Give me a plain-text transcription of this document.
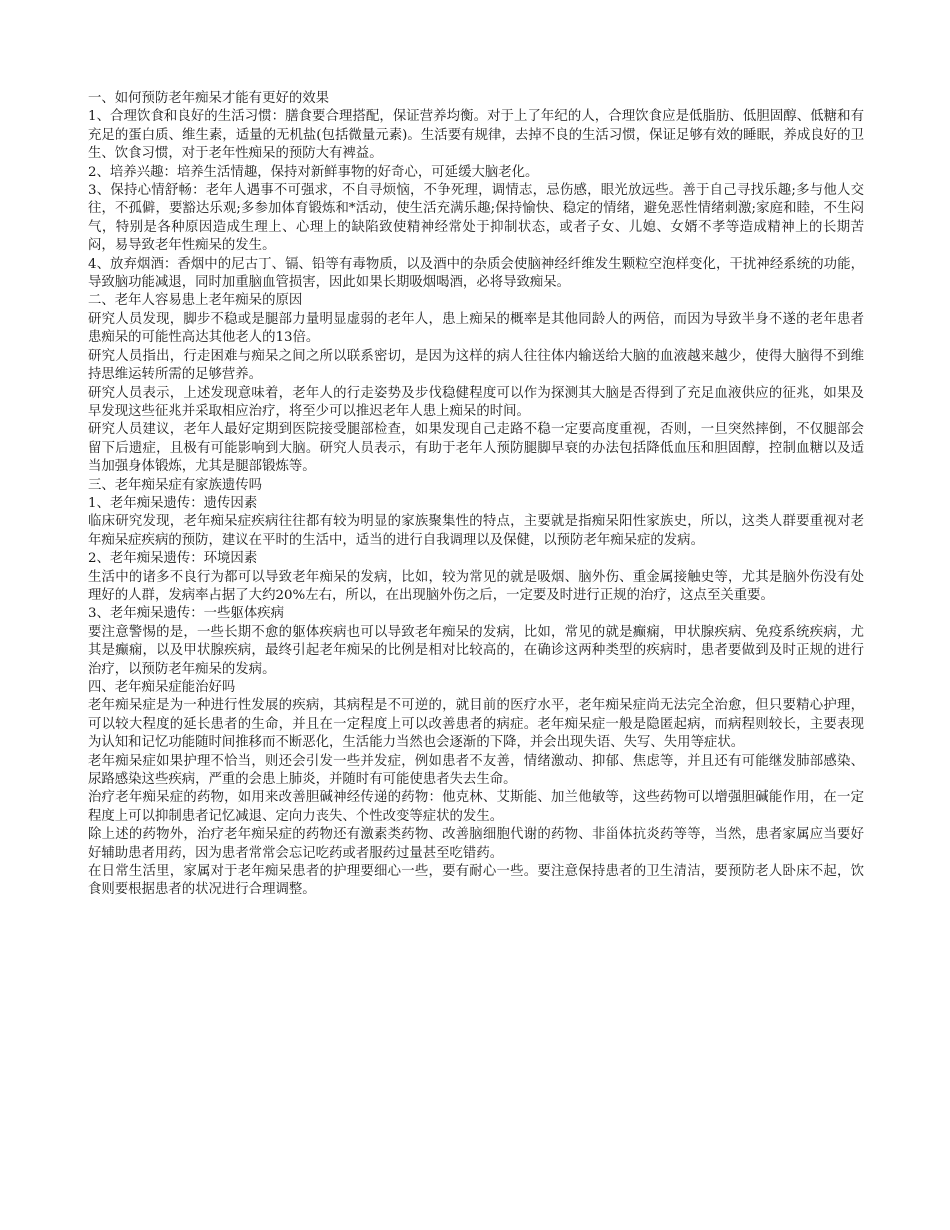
一、如何预防老年痴呆才能有更好的效果

1、合理饮食和良好的生活习惯：膳食要合理搭配，保证营养均衡。对于上了年纪的人，合理饮食应是低脂肪、低胆固醇、低糖和有充足的蛋白质、维生素，适量的无机盐(包括微量元素)。生活要有规律，去掉不良的生活习惯，保证足够有效的睡眠，养成良好的卫生、饮食习惯，对于老年性痴呆的预防大有裨益。

2、培养兴趣：培养生活情趣，保持对新鲜事物的好奇心，可延缓大脑老化。

3、保持心情舒畅：老年人遇事不可强求，不自寻烦恼，不争死理，调情志，忌伤感，眼光放远些。善于自己寻找乐趣;多与他人交往，不孤僻，要豁达乐观;多参加体育锻炼和*活动，使生活充满乐趣;保持愉快、稳定的情绪，避免恶性情绪刺激;家庭和睦，不生闷气，特别是各种原因造成生理上、心理上的缺陷致使精神经常处于抑制状态，或者子女、儿媳、女婿不孝等造成精神上的长期苦闷，易导致老年性痴呆的发生。

4、放弃烟酒：香烟中的尼古丁、镉、铅等有毒物质，以及酒中的杂质会使脑神经纤维发生颗粒空泡样变化，干扰神经系统的功能，导致脑功能减退，同时加重脑血管损害，因此如果长期吸烟喝酒，必将导致痴呆。

二、老年人容易患上老年痴呆的原因

研究人员发现，脚步不稳或是腿部力量明显虚弱的老年人，患上痴呆的概率是其他同龄人的两倍，而因为导致半身不遂的老年患者患痴呆的可能性高达其他老人的13倍。

研究人员指出，行走困难与痴呆之间之所以联系密切，是因为这样的病人往往体内输送给大脑的血液越来越少，使得大脑得不到维持思维运转所需的足够营养。

研究人员表示，上述发现意味着，老年人的行走姿势及步伐稳健程度可以作为探测其大脑是否得到了充足血液供应的征兆，如果及早发现这些征兆并采取相应治疗，将至少可以推迟老年人患上痴呆的时间。

研究人员建议，老年人最好定期到医院接受腿部检查，如果发现自己走路不稳一定要高度重视，否则，一旦突然摔倒，不仅腿部会留下后遗症，且极有可能影响到大脑。研究人员表示，有助于老年人预防腿脚早衰的办法包括降低血压和胆固醇，控制血糖以及适当加强身体锻炼，尤其是腿部锻炼等。

三、老年痴呆症有家族遗传吗

1、老年痴呆遗传：遗传因素

临床研究发现，老年痴呆症疾病往往都有较为明显的家族聚集性的特点，主要就是指痴呆阳性家族史，所以，这类人群要重视对老年痴呆症疾病的预防，建议在平时的生活中，适当的进行自我调理以及保健，以预防老年痴呆症的发病。

2、老年痴呆遗传：环境因素

生活中的诸多不良行为都可以导致老年痴呆的发病，比如，较为常见的就是吸烟、脑外伤、重金属接触史等，尤其是脑外伤没有处理好的人群，发病率占据了大约20%左右，所以，在出现脑外伤之后，一定要及时进行正规的治疗，这点至关重要。

3、老年痴呆遗传：一些躯体疾病

要注意警惕的是，一些长期不愈的躯体疾病也可以导致老年痴呆的发病，比如，常见的就是癫痫，甲状腺疾病、免疫系统疾病，尤其是癫痫，以及甲状腺疾病，最终引起老年痴呆的比例是相对比较高的，在确诊这两种类型的疾病时，患者要做到及时正规的进行治疗，以预防老年痴呆的发病。

四、老年痴呆症能治好吗

老年痴呆症是为一种进行性发展的疾病，其病程是不可逆的，就目前的医疗水平，老年痴呆症尚无法完全治愈，但只要精心护理，可以较大程度的延长患者的生命，并且在一定程度上可以改善患者的病症。老年痴呆症一般是隐匿起病，而病程则较长，主要表现为认知和记忆功能随时间推移而不断恶化，生活能力当然也会逐渐的下降，并会出现失语、失写、失用等症状。

老年痴呆症如果护理不恰当，则还会引发一些并发症，例如患者不友善，情绪激动、抑郁、焦虑等，并且还有可能继发肺部感染、尿路感染这些疾病，严重的会患上肺炎，并随时有可能使患者失去生命。

治疗老年痴呆症的药物，如用来改善胆碱神经传递的药物：他克林、艾斯能、加兰他敏等，这些药物可以增强胆碱能作用，在一定程度上可以抑制患者记忆减退、定向力丧失、个性改变等症状的发生。

除上述的药物外，治疗老年痴呆症的药物还有激素类药物、改善脑细胞代谢的药物、非甾体抗炎药等等，当然，患者家属应当要好好辅助患者用药，因为患者常常会忘记吃药或者服药过量甚至吃错药。

在日常生活里，家属对于老年痴呆患者的护理要细心一些，要有耐心一些。要注意保持患者的卫生清洁，要预防老人卧床不起，饮食则要根据患者的状况进行合理调整。
